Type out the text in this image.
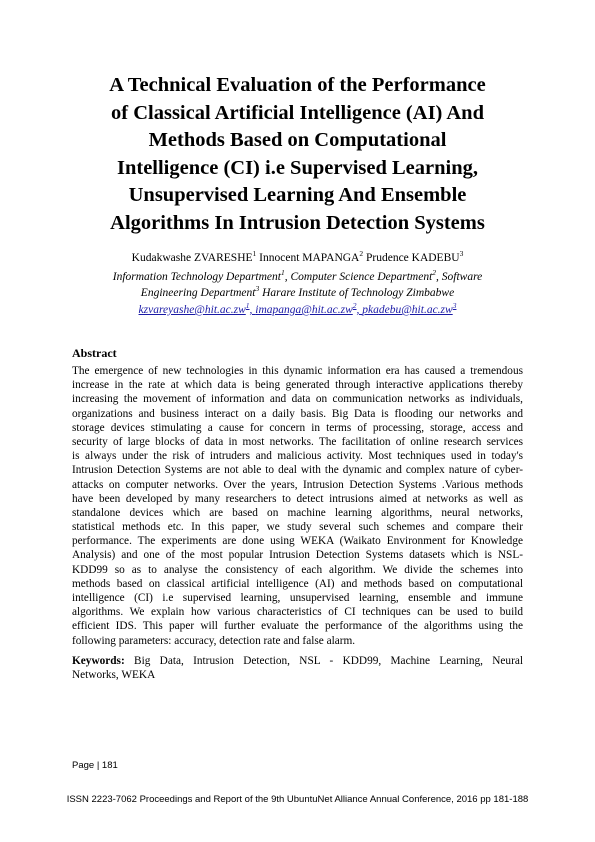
A Technical Evaluation of the Performance
of Classical Artificial Intelligence (AI) And
Methods Based on Computational
Intelligence (CI) i.e Supervised Learning,
Unsupervised Learning And Ensemble
Algorithms In Intrusion Detection Systems
Kudakwashe ZVARESHE$^1$ Innocent MAPANGA$^2$ Prudence KADEBU$^3$
Information Technology Department$^1$, Computer Science Department$^2$, Software
Engineering Department$^3$ Harare Institute of Technology Zimbabwe
$kzvareyashe@hit.ac.zw^1$, $imapanga@hit.ac.zw^2$, $pkadebu@hit.ac.zw^3$
Abstract
The emergence of new technologies in this dynamic information era has caused a tremendous
increase in the rate at which data is being generated through interactive applications thereby
increasing the movement of information and data on communication networks as individuals,
organizations and business interact on a daily basis. Big Data is flooding our networks and
storage devices stimulating a cause for concern in terms of processing, storage, access and
security of large blocks of data in most networks. The facilitation of online research services
is always under the risk of intruders and malicious activity. Most techniques used in today's
Intrusion Detection Systems are not able to deal with the dynamic and complex nature of cyber-
attacks on computer networks. Over the years, Intrusion Detection Systems .Various methods
have been developed by many researchers to detect intrusions aimed at networks as well as
standalone devices which are based on machine learning algorithms, neural networks,
statistical methods etc. In this paper, we study several such schemes and compare their
performance. The experiments are done using WEKA (Waikato Environment for Knowledge
Analysis) and one of the most popular Intrusion Detection Systems datasets which is NSL-
KDD99 so as to analyse the consistency of each algorithm. We divide the schemes into
methods based on classical artificial intelligence (AI) and methods based on computational
intelligence (CI) i.e supervised learning, unsupervised learning, ensemble and immune
algorithms. We explain how various characteristics of CI techniques can be used to build
efficient IDS. This paper will further evaluate the performance of the algorithms using the
following parameters: accuracy, detection rate and false alarm.
Keywords: Big Data, Intrusion Detection, NSL - KDD99, Machine Learning, Neural
Networks, WEKA
Page | 181
ISSN 2223-7062 Proceedings and Report of the 9th UbuntuNet Alliance Annual Conference, 2016 pp 181-188
